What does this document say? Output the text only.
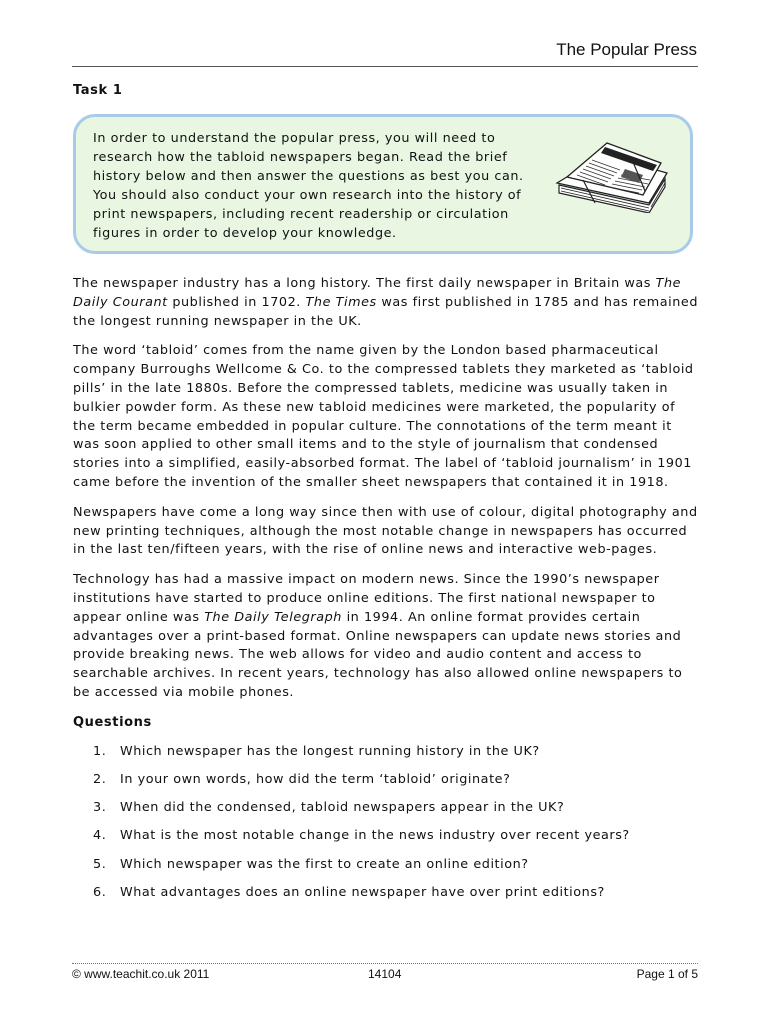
The Popular Press
Task 1
In order to understand the popular press, you will need to research how the tabloid newspapers began. Read the brief history below and then answer the questions as best you can. You should also conduct your own research into the history of print newspapers, including recent readership or circulation figures in order to develop your knowledge.

The newspaper industry has a long history. The first daily newspaper in Britain was The Daily Courant published in 1702. The Times was first published in 1785 and has remained the longest running newspaper in the UK.

The word ‘tabloid’ comes from the name given by the London based pharmaceutical company Burroughs Wellcome & Co. to the compressed tablets they marketed as ‘tabloid pills’ in the late 1880s. Before the compressed tablets, medicine was usually taken in bulkier powder form. As these new tabloid medicines were marketed, the popularity of the term became embedded in popular culture. The connotations of the term meant it was soon applied to other small items and to the style of journalism that condensed stories into a simplified, easily-absorbed format. The label of ‘tabloid journalism’ in 1901 came before the invention of the smaller sheet newspapers that contained it in 1918.

Newspapers have come a long way since then with use of colour, digital photography and new printing techniques, although the most notable change in newspapers has occurred in the last ten/fifteen years, with the rise of online news and interactive web-pages.

Technology has had a massive impact on modern news. Since the 1990’s newspaper institutions have started to produce online editions. The first national newspaper to appear online was The Daily Telegraph in 1994. An online format provides certain advantages over a print-based format. Online newspapers can update news stories and provide breaking news. The web allows for video and audio content and access to searchable archives. In recent years, technology has also allowed online newspapers to be accessed via mobile phones.

Questions
1.	Which newspaper has the longest running history in the UK?
2.	In your own words, how did the term ‘tabloid’ originate?
3.	When did the condensed, tabloid newspapers appear in the UK?
4.	What is the most notable change in the news industry over recent years?
5.	Which newspaper was the first to create an online edition?
6.	What advantages does an online newspaper have over print editions?
© www.teachit.co.uk 2011	14104	Page 1 of 5
